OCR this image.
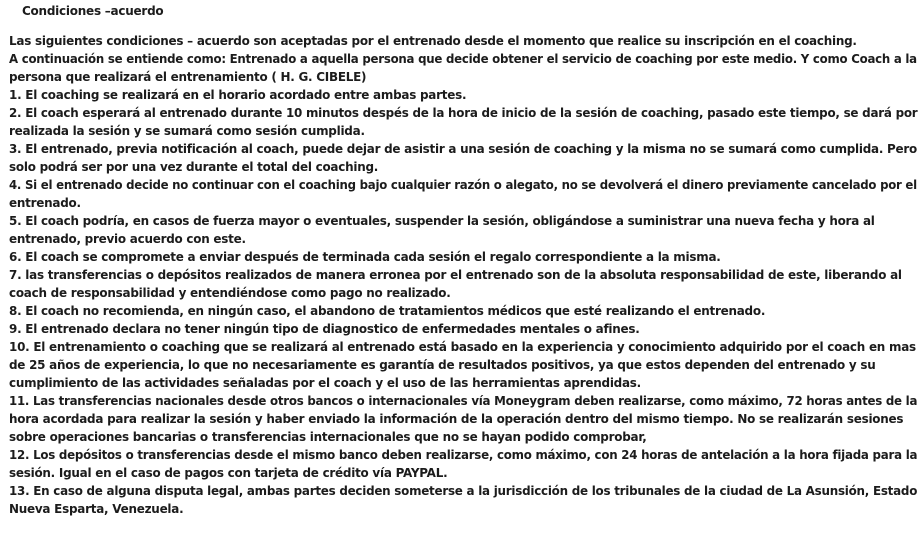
Condiciones –acuerdo
Las siguientes condiciones – acuerdo son aceptadas por el entrenado desde el momento que realice su inscripción en el coaching.
A continuación se entiende como: Entrenado a aquella persona que decide obtener el servicio de coaching por este medio. Y como Coach a la
persona que realizará el entrenamiento ( H. G. CIBELE)
1. El coaching se realizará en el horario acordado entre ambas partes.
2. El coach esperará al entrenado durante 10 minutos despés de la hora de inicio de la sesión de coaching, pasado este tiempo, se dará por
realizada la sesión y se sumará como sesión cumplida.
3. El entrenado, previa notificación al coach, puede dejar de asistir a una sesión de coaching y la misma no se sumará como cumplida. Pero
solo podrá ser por una vez durante el total del coaching.
4. Si el entrenado decide no continuar con el coaching bajo cualquier razón o alegato, no se devolverá el dinero previamente cancelado por el
entrenado.
5. El coach podría, en casos de fuerza mayor o eventuales, suspender la sesión, obligándose a suministrar una nueva fecha y hora al
entrenado, previo acuerdo con este.
6. El coach se compromete a enviar después de terminada cada sesión el regalo correspondiente a la misma.
7. las transferencias o depósitos realizados de manera erronea por el entrenado son de la absoluta responsabilidad de este, liberando al
coach de responsabilidad y entendiéndose como pago no realizado.
8. El coach no recomienda, en ningún caso, el abandono de tratamientos médicos que esté realizando el entrenado.
9. El entrenado declara no tener ningún tipo de diagnostico de enfermedades mentales o afines.
10. El entrenamiento o coaching que se realizará al entrenado está basado en la experiencia y conocimiento adquirido por el coach en mas
de 25 años de experiencia, lo que no necesariamente es garantía de resultados positivos, ya que estos dependen del entrenado y su
cumplimiento de las actividades señaladas por el coach y el uso de las herramientas aprendidas.
11. Las transferencias nacionales desde otros bancos o internacionales vía Moneygram deben realizarse, como máximo, 72 horas antes de la
hora acordada para realizar la sesión y haber enviado la información de la operación dentro del mismo tiempo. No se realizarán sesiones
sobre operaciones bancarias o transferencias internacionales que no se hayan podido comprobar,
12. Los depósitos o transferencias desde el mismo banco deben realizarse, como máximo, con 24 horas de antelación a la hora fijada para la
sesión. Igual en el caso de pagos con tarjeta de crédito vía PAYPAL.
13. En caso de alguna disputa legal, ambas partes deciden someterse a la jurisdicción de los tribunales de la ciudad de La Asunsión, Estado
Nueva Esparta, Venezuela.
